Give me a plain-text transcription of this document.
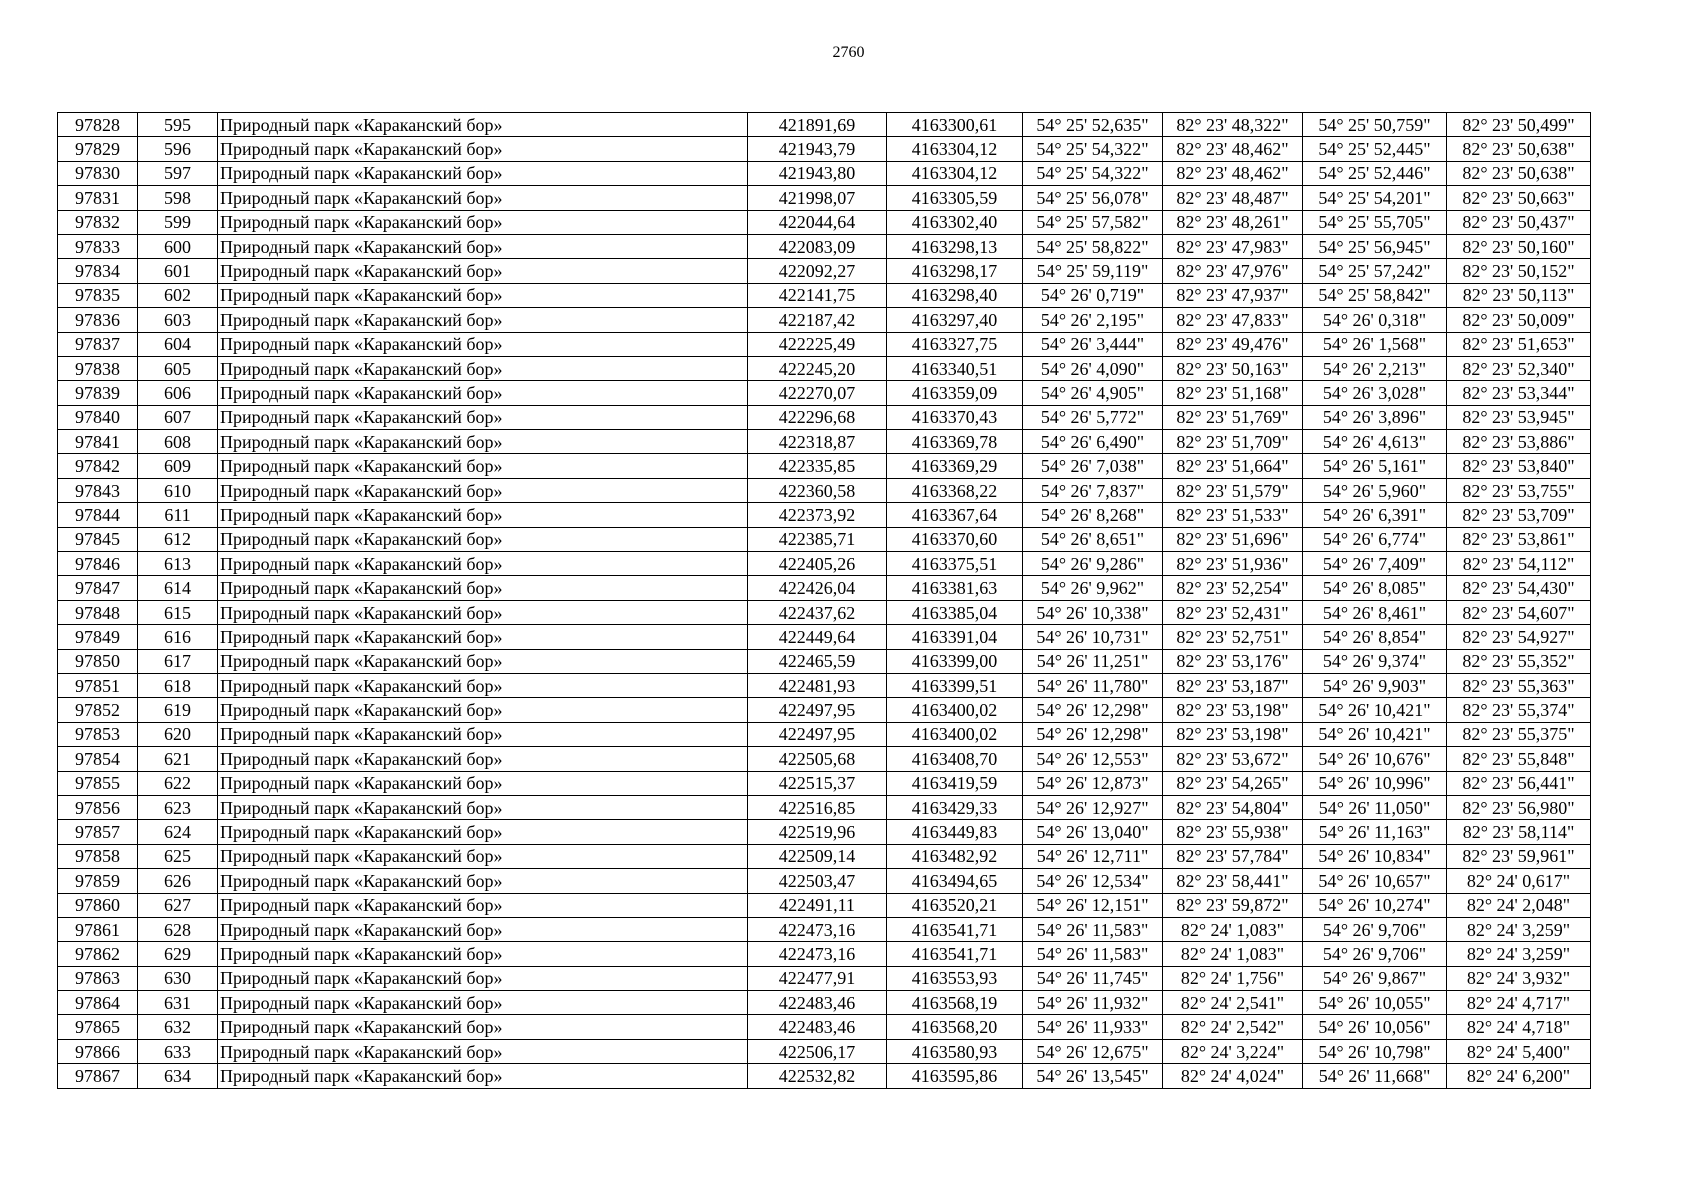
2760
97828	595	Природный парк «Караканский бор»	421891,69	4163300,61	54° 25' 52,635"	82° 23' 48,322"	54° 25' 50,759"	82° 23' 50,499"
97829	596	Природный парк «Караканский бор»	421943,79	4163304,12	54° 25' 54,322"	82° 23' 48,462"	54° 25' 52,445"	82° 23' 50,638"
97830	597	Природный парк «Караканский бор»	421943,80	4163304,12	54° 25' 54,322"	82° 23' 48,462"	54° 25' 52,446"	82° 23' 50,638"
97831	598	Природный парк «Караканский бор»	421998,07	4163305,59	54° 25' 56,078"	82° 23' 48,487"	54° 25' 54,201"	82° 23' 50,663"
97832	599	Природный парк «Караканский бор»	422044,64	4163302,40	54° 25' 57,582"	82° 23' 48,261"	54° 25' 55,705"	82° 23' 50,437"
97833	600	Природный парк «Караканский бор»	422083,09	4163298,13	54° 25' 58,822"	82° 23' 47,983"	54° 25' 56,945"	82° 23' 50,160"
97834	601	Природный парк «Караканский бор»	422092,27	4163298,17	54° 25' 59,119"	82° 23' 47,976"	54° 25' 57,242"	82° 23' 50,152"
97835	602	Природный парк «Караканский бор»	422141,75	4163298,40	54° 26' 0,719"	82° 23' 47,937"	54° 25' 58,842"	82° 23' 50,113"
97836	603	Природный парк «Караканский бор»	422187,42	4163297,40	54° 26' 2,195"	82° 23' 47,833"	54° 26' 0,318"	82° 23' 50,009"
97837	604	Природный парк «Караканский бор»	422225,49	4163327,75	54° 26' 3,444"	82° 23' 49,476"	54° 26' 1,568"	82° 23' 51,653"
97838	605	Природный парк «Караканский бор»	422245,20	4163340,51	54° 26' 4,090"	82° 23' 50,163"	54° 26' 2,213"	82° 23' 52,340"
97839	606	Природный парк «Караканский бор»	422270,07	4163359,09	54° 26' 4,905"	82° 23' 51,168"	54° 26' 3,028"	82° 23' 53,344"
97840	607	Природный парк «Караканский бор»	422296,68	4163370,43	54° 26' 5,772"	82° 23' 51,769"	54° 26' 3,896"	82° 23' 53,945"
97841	608	Природный парк «Караканский бор»	422318,87	4163369,78	54° 26' 6,490"	82° 23' 51,709"	54° 26' 4,613"	82° 23' 53,886"
97842	609	Природный парк «Караканский бор»	422335,85	4163369,29	54° 26' 7,038"	82° 23' 51,664"	54° 26' 5,161"	82° 23' 53,840"
97843	610	Природный парк «Караканский бор»	422360,58	4163368,22	54° 26' 7,837"	82° 23' 51,579"	54° 26' 5,960"	82° 23' 53,755"
97844	611	Природный парк «Караканский бор»	422373,92	4163367,64	54° 26' 8,268"	82° 23' 51,533"	54° 26' 6,391"	82° 23' 53,709"
97845	612	Природный парк «Караканский бор»	422385,71	4163370,60	54° 26' 8,651"	82° 23' 51,696"	54° 26' 6,774"	82° 23' 53,861"
97846	613	Природный парк «Караканский бор»	422405,26	4163375,51	54° 26' 9,286"	82° 23' 51,936"	54° 26' 7,409"	82° 23' 54,112"
97847	614	Природный парк «Караканский бор»	422426,04	4163381,63	54° 26' 9,962"	82° 23' 52,254"	54° 26' 8,085"	82° 23' 54,430"
97848	615	Природный парк «Караканский бор»	422437,62	4163385,04	54° 26' 10,338"	82° 23' 52,431"	54° 26' 8,461"	82° 23' 54,607"
97849	616	Природный парк «Караканский бор»	422449,64	4163391,04	54° 26' 10,731"	82° 23' 52,751"	54° 26' 8,854"	82° 23' 54,927"
97850	617	Природный парк «Караканский бор»	422465,59	4163399,00	54° 26' 11,251"	82° 23' 53,176"	54° 26' 9,374"	82° 23' 55,352"
97851	618	Природный парк «Караканский бор»	422481,93	4163399,51	54° 26' 11,780"	82° 23' 53,187"	54° 26' 9,903"	82° 23' 55,363"
97852	619	Природный парк «Караканский бор»	422497,95	4163400,02	54° 26' 12,298"	82° 23' 53,198"	54° 26' 10,421"	82° 23' 55,374"
97853	620	Природный парк «Караканский бор»	422497,95	4163400,02	54° 26' 12,298"	82° 23' 53,198"	54° 26' 10,421"	82° 23' 55,375"
97854	621	Природный парк «Караканский бор»	422505,68	4163408,70	54° 26' 12,553"	82° 23' 53,672"	54° 26' 10,676"	82° 23' 55,848"
97855	622	Природный парк «Караканский бор»	422515,37	4163419,59	54° 26' 12,873"	82° 23' 54,265"	54° 26' 10,996"	82° 23' 56,441"
97856	623	Природный парк «Караканский бор»	422516,85	4163429,33	54° 26' 12,927"	82° 23' 54,804"	54° 26' 11,050"	82° 23' 56,980"
97857	624	Природный парк «Караканский бор»	422519,96	4163449,83	54° 26' 13,040"	82° 23' 55,938"	54° 26' 11,163"	82° 23' 58,114"
97858	625	Природный парк «Караканский бор»	422509,14	4163482,92	54° 26' 12,711"	82° 23' 57,784"	54° 26' 10,834"	82° 23' 59,961"
97859	626	Природный парк «Караканский бор»	422503,47	4163494,65	54° 26' 12,534"	82° 23' 58,441"	54° 26' 10,657"	82° 24' 0,617"
97860	627	Природный парк «Караканский бор»	422491,11	4163520,21	54° 26' 12,151"	82° 23' 59,872"	54° 26' 10,274"	82° 24' 2,048"
97861	628	Природный парк «Караканский бор»	422473,16	4163541,71	54° 26' 11,583"	82° 24' 1,083"	54° 26' 9,706"	82° 24' 3,259"
97862	629	Природный парк «Караканский бор»	422473,16	4163541,71	54° 26' 11,583"	82° 24' 1,083"	54° 26' 9,706"	82° 24' 3,259"
97863	630	Природный парк «Караканский бор»	422477,91	4163553,93	54° 26' 11,745"	82° 24' 1,756"	54° 26' 9,867"	82° 24' 3,932"
97864	631	Природный парк «Караканский бор»	422483,46	4163568,19	54° 26' 11,932"	82° 24' 2,541"	54° 26' 10,055"	82° 24' 4,717"
97865	632	Природный парк «Караканский бор»	422483,46	4163568,20	54° 26' 11,933"	82° 24' 2,542"	54° 26' 10,056"	82° 24' 4,718"
97866	633	Природный парк «Караканский бор»	422506,17	4163580,93	54° 26' 12,675"	82° 24' 3,224"	54° 26' 10,798"	82° 24' 5,400"
97867	634	Природный парк «Караканский бор»	422532,82	4163595,86	54° 26' 13,545"	82° 24' 4,024"	54° 26' 11,668"	82° 24' 6,200"
